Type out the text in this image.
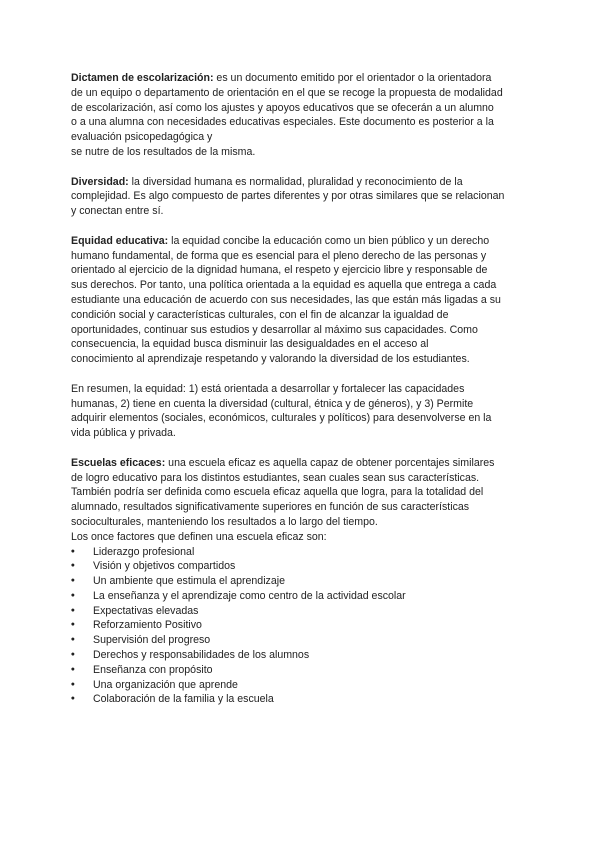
Dictamen de escolarización: es un documento emitido por el orientador o la orientadora
de un equipo o departamento de orientación en el que se recoge la propuesta de modalidad
de escolarización, así como los ajustes y apoyos educativos que se ofecerán a un alumno
o a una alumna con necesidades educativas especiales. Este documento es posterior a la
evaluación psicopedagógica y
se nutre de los resultados de la misma.
Diversidad: la diversidad humana es normalidad, pluralidad y reconocimiento de la
complejidad. Es algo compuesto de partes diferentes y por otras similares que se relacionan
y conectan entre sí.
Equidad educativa: la equidad concibe la educación como un bien público y un derecho
humano fundamental, de forma que es esencial para el pleno derecho de las personas y
orientado al ejercicio de la dignidad humana, el respeto y ejercicio libre y responsable de
sus derechos. Por tanto, una política orientada a la equidad es aquella que entrega a cada
estudiante una educación de acuerdo con sus necesidades, las que están más ligadas a su
condición social y características culturales, con el fin de alcanzar la igualdad de
oportunidades, continuar sus estudios y desarrollar al máximo sus capacidades. Como
consecuencia, la equidad busca disminuir las desigualdades en el acceso al
conocimiento al aprendizaje respetando y valorando la diversidad de los estudiantes.
En resumen, la equidad: 1) está orientada a desarrollar y fortalecer las capacidades
humanas, 2) tiene en cuenta la diversidad (cultural, étnica y de géneros), y 3) Permite
adquirir elementos (sociales, económicos, culturales y políticos) para desenvolverse en la
vida pública y privada.
Escuelas eficaces: una escuela eficaz es aquella capaz de obtener porcentajes similares
de logro educativo para los distintos estudiantes, sean cuales sean sus características.
También podría ser definida como escuela eficaz aquella que logra, para la totalidad del
alumnado, resultados significativamente superiores en función de sus características
socioculturales, manteniendo los resultados a lo largo del tiempo.
Los once factores que definen una escuela eficaz son:
● Liderazgo profesional
● Visión y objetivos compartidos
● Un ambiente que estimula el aprendizaje
● La enseñanza y el aprendizaje como centro de la actividad escolar
● Expectativas elevadas
● Reforzamiento Positivo
● Supervisión del progreso
● Derechos y responsabilidades de los alumnos
● Enseñanza con propósito
● Una organización que aprende
● Colaboración de la familia y la escuela
